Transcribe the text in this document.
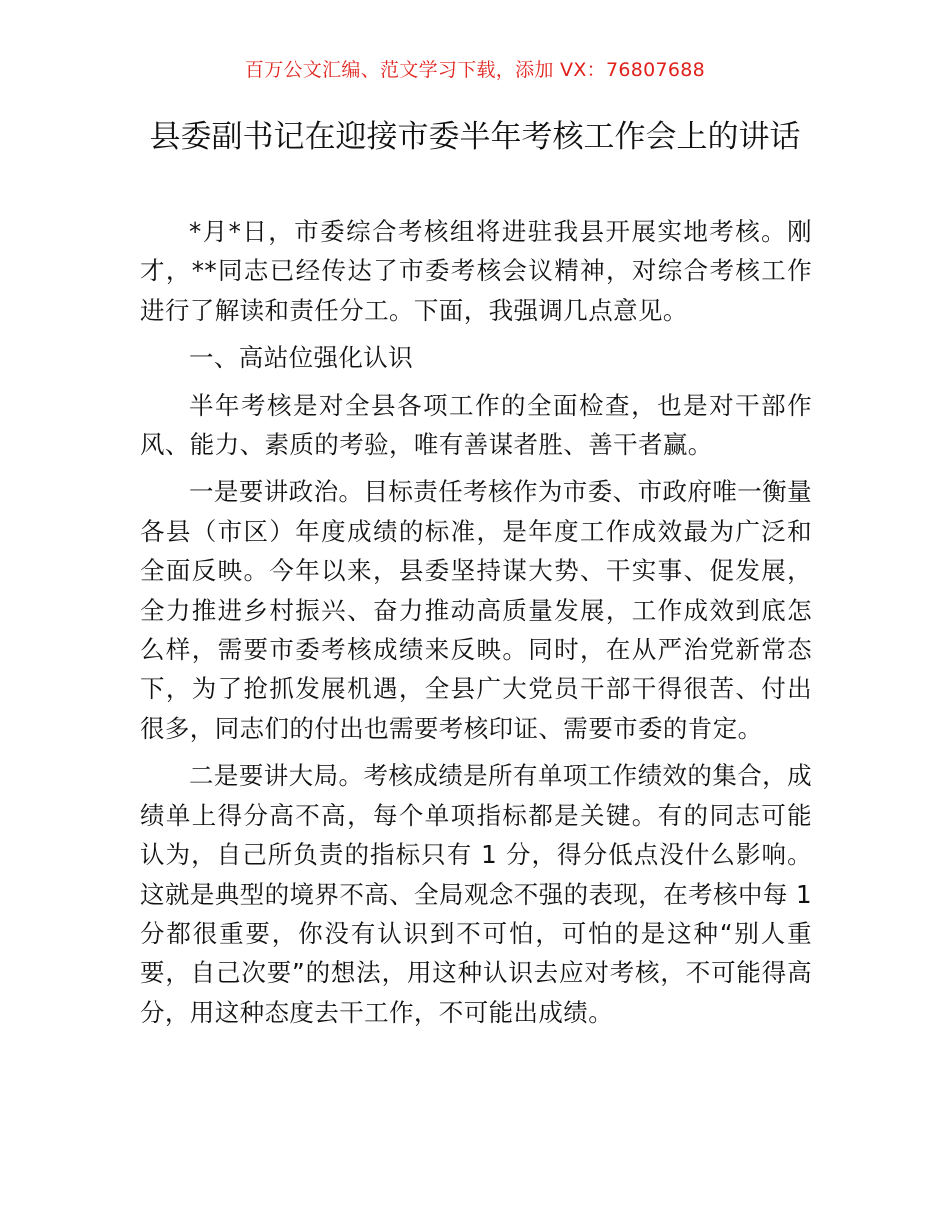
百万公文汇编、范文学习下载，添加 VX：76807688
县委副书记在迎接市委半年考核工作会上的讲话

*月*日，市委综合考核组将进驻我县开展实地考核。刚才，**同志已经传达了市委考核会议精神，对综合考核工作进行了解读和责任分工。下面，我强调几点意见。

一、高站位强化认识

半年考核是对全县各项工作的全面检查，也是对干部作风、能力、素质的考验，唯有善谋者胜、善干者赢。

一是要讲政治。目标责任考核作为市委、市政府唯一衡量各县（市区）年度成绩的标准，是年度工作成效最为广泛和全面反映。今年以来，县委坚持谋大势、干实事、促发展，全力推进乡村振兴、奋力推动高质量发展，工作成效到底怎么样，需要市委考核成绩来反映。同时，在从严治党新常态下，为了抢抓发展机遇，全县广大党员干部干得很苦、付出很多，同志们的付出也需要考核印证、需要市委的肯定。

二是要讲大局。考核成绩是所有单项工作绩效的集合，成绩单上得分高不高，每个单项指标都是关键。有的同志可能认为，自己所负责的指标只有 1 分，得分低点没什么影响。这就是典型的境界不高、全局观念不强的表现，在考核中每 1 分都很重要，你没有认识到不可怕，可怕的是这种“别人重要，自己次要”的想法，用这种认识去应对考核，不可能得高分，用这种态度去干工作，不可能出成绩。
